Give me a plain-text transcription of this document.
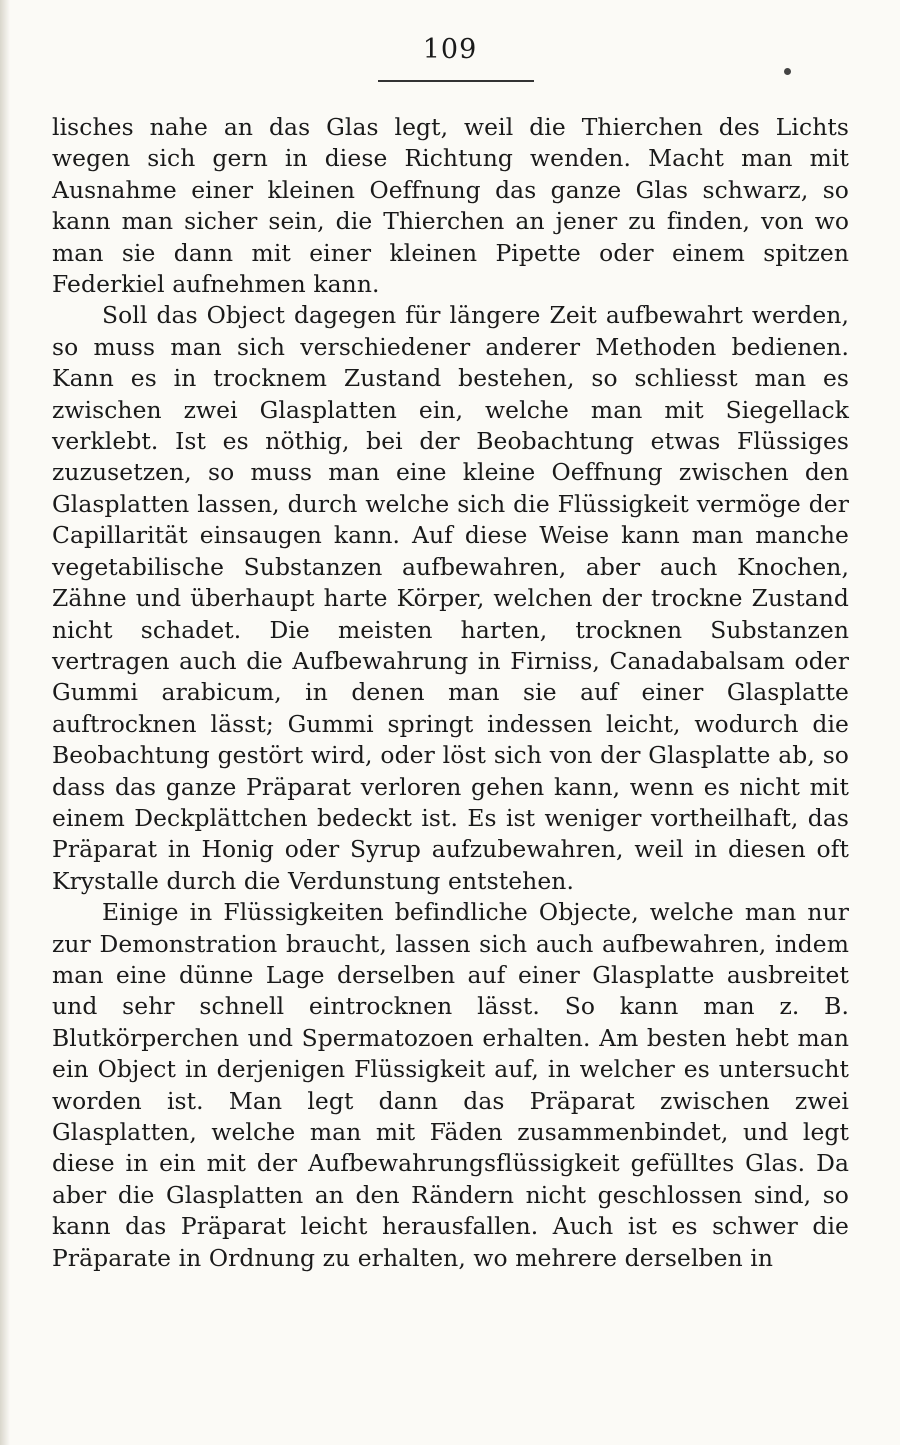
109

lisches nahe an das Glas legt, weil die Thierchen des Lichts wegen sich gern in diese Richtung wenden. Macht man mit Ausnahme einer kleinen Oeffnung das ganze Glas schwarz, so kann man sicher sein, die Thierchen an jener zu finden, von wo man sie dann mit einer kleinen Pipette oder einem spitzen Federkiel aufnehmen kann.

Soll das Object dagegen für längere Zeit aufbewahrt werden, so muss man sich verschiedener anderer Methoden bedienen. Kann es in trocknem Zustand bestehen, so schliesst man es zwischen zwei Glasplatten ein, welche man mit Siegellack verklebt. Ist es nöthig, bei der Beobachtung etwas Flüssiges zuzusetzen, so muss man eine kleine Oeffnung zwischen den Glasplatten lassen, durch welche sich die Flüssigkeit vermöge der Capillarität einsaugen kann. Auf diese Weise kann man manche vegetabilische Substanzen aufbewahren, aber auch Knochen, Zähne und überhaupt harte Körper, welchen der trockne Zustand nicht schadet. Die meisten harten, trocknen Substanzen vertragen auch die Aufbewahrung in Firniss, Canadabalsam oder Gummi arabicum, in denen man sie auf einer Glasplatte auftrocknen lässt; Gummi springt indessen leicht, wodurch die Beobachtung gestört wird, oder löst sich von der Glasplatte ab, so dass das ganze Präparat verloren gehen kann, wenn es nicht mit einem Deckplättchen bedeckt ist. Es ist weniger vortheilhaft, das Präparat in Honig oder Syrup aufzubewahren, weil in diesen oft Krystalle durch die Verdunstung entstehen.

Einige in Flüssigkeiten befindliche Objecte, welche man nur zur Demonstration braucht, lassen sich auch aufbewahren, indem man eine dünne Lage derselben auf einer Glasplatte ausbreitet und sehr schnell eintrocknen lässt. So kann man z. B. Blutkörperchen und Spermatozoen erhalten. Am besten hebt man ein Object in derjenigen Flüssigkeit auf, in welcher es untersucht worden ist. Man legt dann das Präparat zwischen zwei Glasplatten, welche man mit Fäden zusammenbindet, und legt diese in ein mit der Aufbewahrungsflüssigkeit gefülltes Glas. Da aber die Glasplatten an den Rändern nicht geschlossen sind, so kann das Präparat leicht herausfallen. Auch ist es schwer die Präparate in Ordnung zu erhalten, wo mehrere derselben in
